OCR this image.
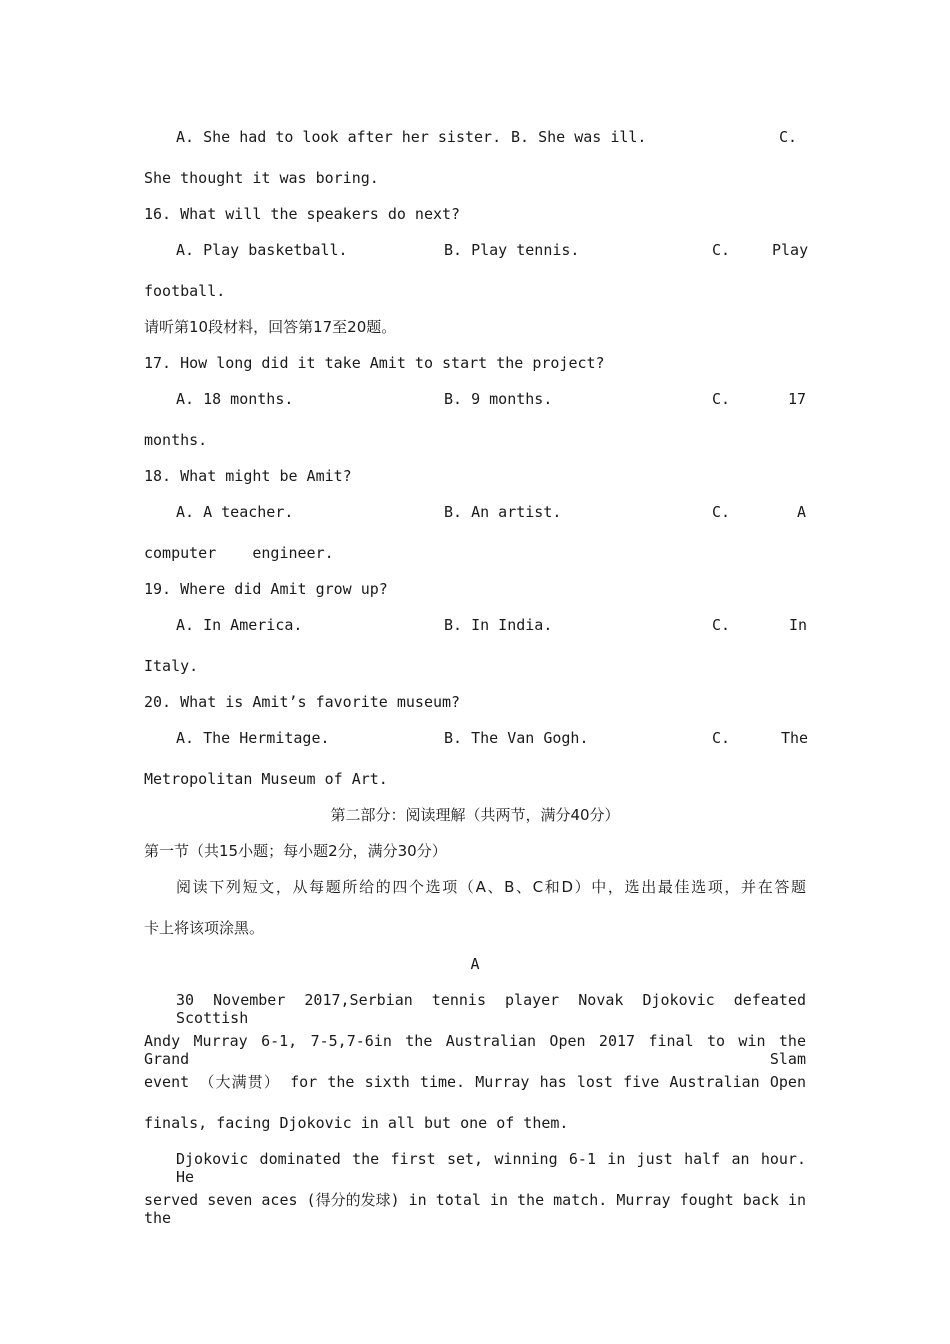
A. She had to look after her sister. B. She was ill.	C.
She thought it was boring.
16. What will the speakers do next?
A. Play basketball.	B. Play tennis.	C.	Play
football.
请听第10段材料，回答第17至20题。
17. How long did it take Amit to start the project?
A. 18 months.	B. 9 months.	C.	17
months.
18. What might be Amit?
A. A teacher.	B. An artist.	C.	A
computer    engineer.
19. Where did Amit grow up?
A. In America.	B. In India.	C.	In
Italy.
20. What is Amit’s favorite museum?
A. The Hermitage.	B. The Van Gogh.	C.	The
Metropolitan Museum of Art.
第二部分：阅读理解（共两节，满分40分）
第一节（共15小题；每小题2分，满分30分）
阅读下列短文，从每题所给的四个选项（A、B、C和D）中，选出最佳选项，并在答题
卡上将该项涂黑。
A
30 November 2017,Serbian tennis player Novak Djokovic defeated Scottish
Andy Murray 6-1, 7-5,7-6in the Australian Open 2017 final to win the Grand Slam
event （大满贯） for the sixth time. Murray has lost five Australian Open
finals, facing Djokovic in all but one of them.
Djokovic dominated the first set, winning 6-1 in just half an hour. He
served seven aces (得分的发球) in total in the match. Murray fought back in the
